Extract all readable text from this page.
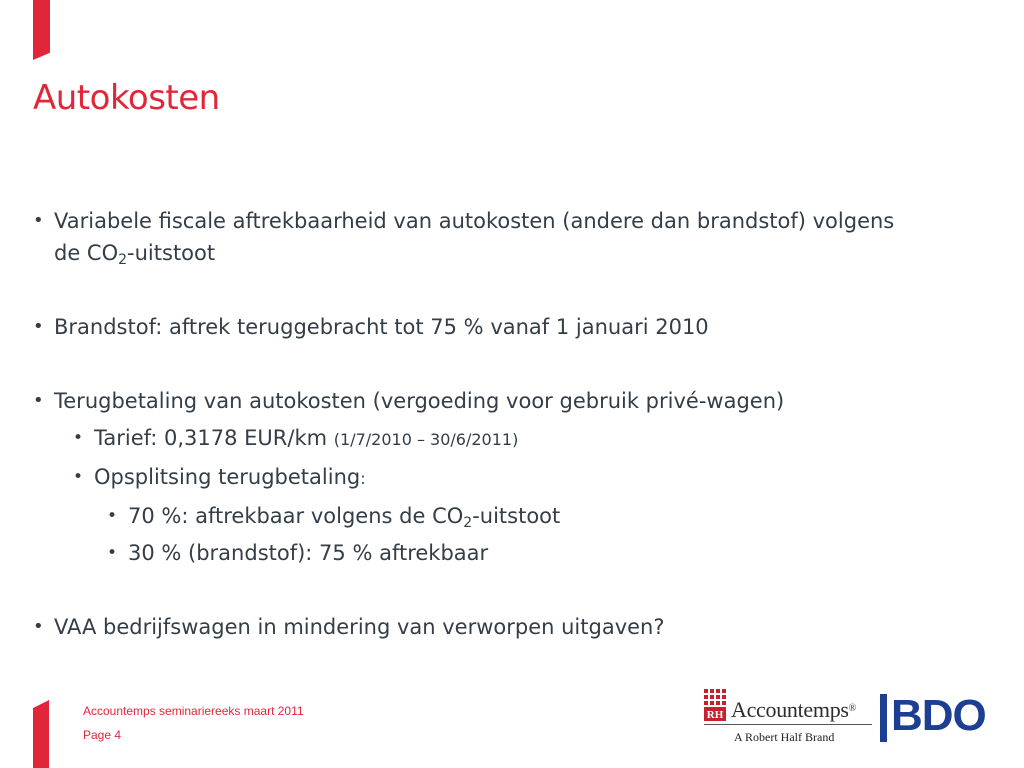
Autokosten
• Variabele fiscale aftrekbaarheid van autokosten (andere dan brandstof) volgens
de $CO_2$-uitstoot
• Brandstof: aftrek teruggebracht tot 75 % vanaf 1 januari 2010
• Terugbetaling van autokosten (vergoeding voor gebruik privé-wagen)
• Tarief: 0,3178 EUR/km (1/7/2010 – 30/6/2011)
• Opsplitsing terugbetaling:
• 70 %: aftrekbaar volgens de $CO_2$-uitstoot
• 30 % (brandstof): 75 % aftrekbaar
• VAA bedrijfswagen in mindering van verworpen uitgaven?
Accountemps seminariereeks maart 2011
Page 4
RH Accountemps®
A Robert Half Brand BDO
